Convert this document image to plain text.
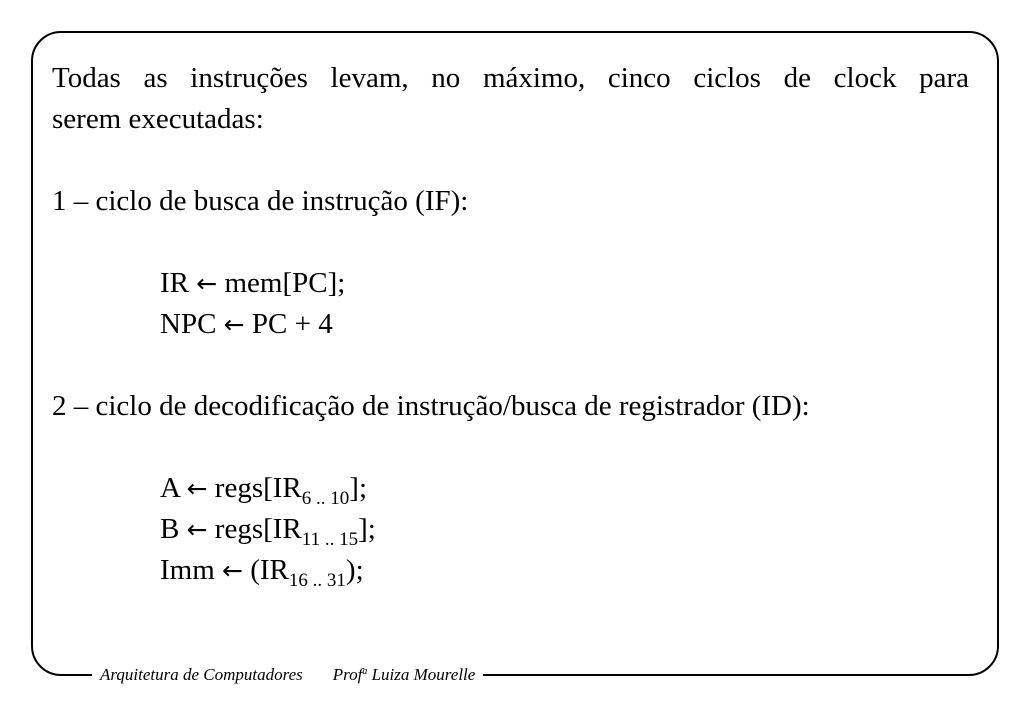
Arquitetura de Computadores Prof$^a$ Luiza Mourelle
Todas as instruções levam, no máximo, cinco ciclos de clock para
serem executadas:
1 – ciclo de busca de instrução (IF):
IR ← mem[PC];
NPC ← PC + 4
2 – ciclo de decodificação de instrução/busca de registrador (ID):
A ← $regs[IR_{6 .. 10}]$;
B ← $regs[IR_{11 .. 15}]$;
Imm ← $(IR_{16 .. 31})$;
